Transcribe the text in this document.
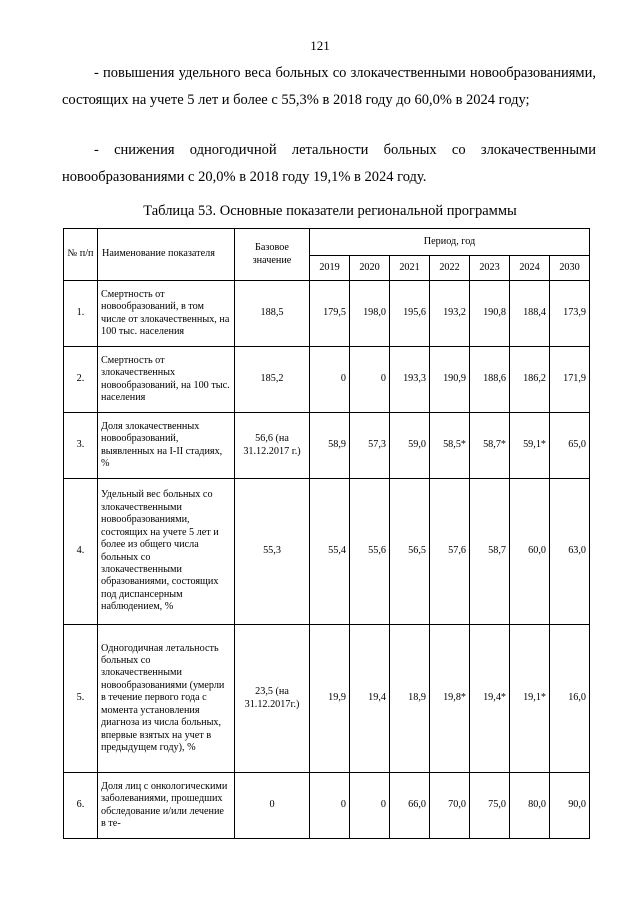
121

- повышения удельного веса больных со злокачественными новообразованиями, состоящих на учете 5 лет и более с 55,3% в 2018 году до 60,0% в 2024 году;

- снижения одногодичной летальности больных со злокачественными новообразованиями с 20,0% в 2018 году 19,1% в 2024 году.

Таблица 53. Основные показатели региональной программы
№ п/п	Наименование показателя	Базовое значение	Период, год						
			2019	2020	2021	2022	2023	2024	2030
1.	Смертность от новообразований, в том числе от злокачественных, на 100 тыс. населения	188,5	179,5	198,0	195,6	193,2	190,8	188,4	173,9
2.	Смертность от злокачественных новообразований, на 100 тыс. населения	185,2	0	0	193,3	190,9	188,6	186,2	171,9
3.	Доля злокачественных новообразований, выявленных на I-II стадиях, %	56,6 (на 31.12.2017 г.)	58,9	57,3	59,0	58,5*	58,7*	59,1*	65,0
4.	Удельный вес больных со злокачественными новообразованиями, состоящих на учете 5 лет и более из общего числа больных со злокачественными образованиями, состоящих под диспансерным наблюдением, %	55,3	55,4	55,6	56,5	57,6	58,7	60,0	63,0
5.	Одногодичная летальность больных со злокачественными новообразованиями (умерли в течение первого года с момента установления диагноза из числа больных, впервые взятых на учет в предыдущем году), %	23,5 (на 31.12.2017г.)	19,9	19,4	18,9	19,8*	19,4*	19,1*	16,0
6.	Доля лиц с онкологическими заболеваниями, прошедших обследование и/или лечение в те-	0	0	0	66,0	70,0	75,0	80,0	90,0
